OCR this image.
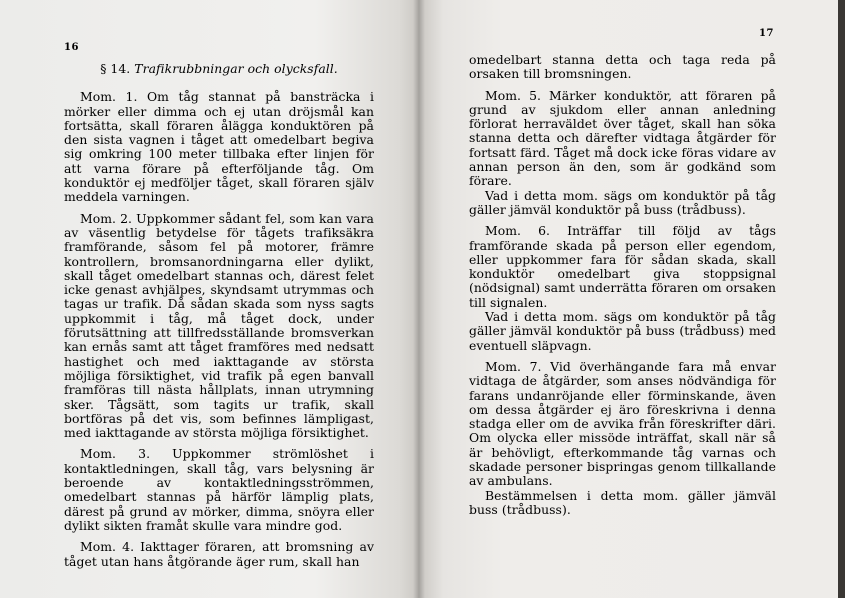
16
17
§ 14. Trafikrubbningar och olycksfall.

Mom. 1. Om tåg stannat på bansträcka i mörker eller dimma och ej utan dröjsmål kan fortsätta, skall föraren ålägga konduktören på den sista vagnen i tåget att omedelbart begiva sig omkring 100 meter tillbaka efter linjen för att varna förare på efterföljande tåg. Om konduktör ej medföljer tåget, skall föraren själv meddela varningen.

Mom. 2. Uppkommer sådant fel, som kan vara av väsentlig betydelse för tågets trafiksäkra framförande, såsom fel på motorer, främre kontrollern, bromsanordningarna eller dylikt, skall tåget omedelbart stannas och, därest felet icke genast avhjälpes, skyndsamt utrymmas och tagas ur trafik. Då sådan skada som nyss sagts uppkommit i tåg, må tåget dock, under förutsättning att tillfredsställande bromsverkan kan ernås samt att tåget framföres med nedsatt hastighet och med iakttagande av största möjliga försiktighet, vid trafik på egen banvall framföras till nästa hållplats, innan utrymning sker. Tågsätt, som tagits ur trafik, skall bortföras på det vis, som befinnes lämpligast, med iakttagande av största möjliga försiktighet.

Mom. 3. Uppkommer strömlöshet i kontaktledningen, skall tåg, vars belysning är beroende av kontaktledningsströmmen, omedelbart stannas på härför lämplig plats, därest på grund av mörker, dimma, snöyra eller dylikt sikten framåt skulle vara mindre god.

Mom. 4. Iakttager föraren, att bromsning av tåget utan hans åtgörande äger rum, skall han

omedelbart stanna detta och taga reda på orsaken till bromsningen.

Mom. 5. Märker konduktör, att föraren på grund av sjukdom eller annan anledning förlorat herraväldet över tåget, skall han söka stanna detta och därefter vidtaga åtgärder för fortsatt färd. Tåget må dock icke föras vidare av annan person än den, som är godkänd som förare.

Vad i detta mom. sägs om konduktör på tåg gäller jämväl konduktör på buss (trådbuss).

Mom. 6. Inträffar till följd av tågs framförande skada på person eller egendom, eller uppkommer fara för sådan skada, skall konduktör omedelbart giva stoppsignal (nödsignal) samt underrätta föraren om orsaken till signalen.

Vad i detta mom. sägs om konduktör på tåg gäller jämväl konduktör på buss (trådbuss) med eventuell släpvagn.

Mom. 7. Vid överhängande fara må envar vidtaga de åtgärder, som anses nödvändiga för farans undanröjande eller förminskande, även om dessa åtgärder ej äro föreskrivna i denna stadga eller om de avvika från föreskrifter däri. Om olycka eller missöde inträffat, skall när så är behövligt, efterkommande tåg varnas och skadade personer bispringas genom tillkallande av ambulans.

Bestämmelsen i detta mom. gäller jämväl buss (trådbuss).
